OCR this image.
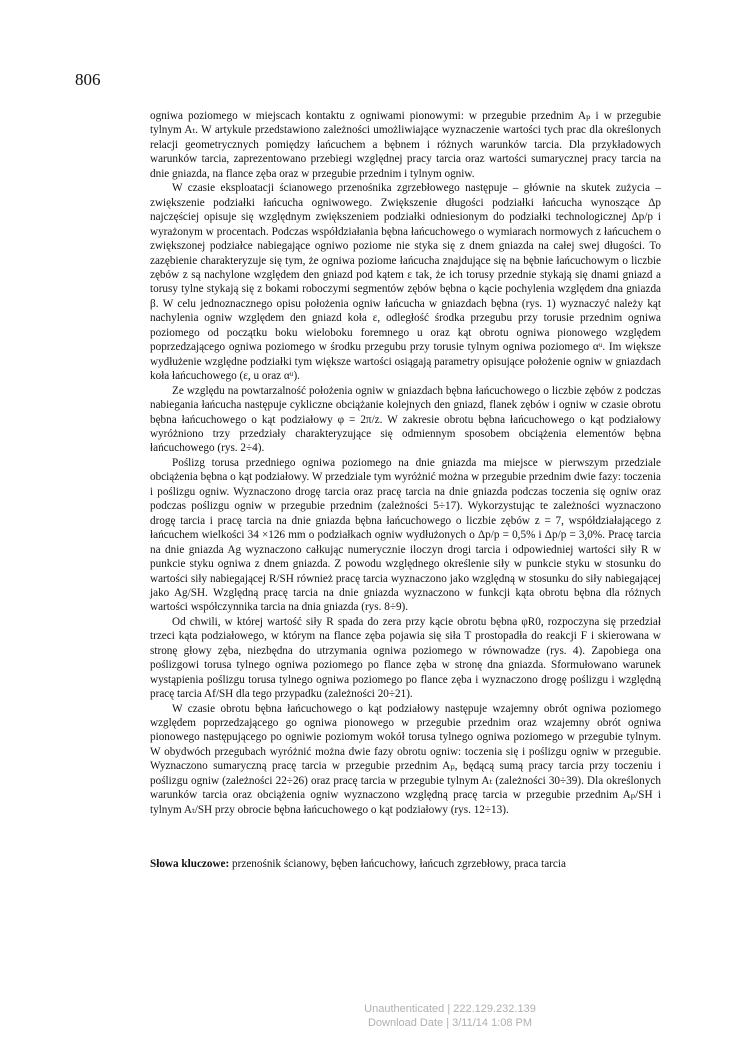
806

ogniwa poziomego w miejscach kontaktu z ogniwami pionowymi: w przegubie przednim Aₚ i w przegubie tylnym Aₜ. W artykule przedstawiono zależności umożliwiające wyznaczenie wartości tych prac dla określonych relacji geometrycznych pomiędzy łańcuchem a bębnem i różnych warunków tarcia. Dla przykładowych warunków tarcia, zaprezentowano przebiegi względnej pracy tarcia oraz wartości sumarycznej pracy tarcia na dnie gniazda, na flance zęba oraz w przegubie przednim i tylnym ogniw.

W czasie eksploatacji ścianowego przenośnika zgrzebłowego następuje – głównie na skutek zużycia – zwiększenie podziałki łańcucha ogniwowego. Zwiększenie długości podziałki łańcucha wynoszące Δp najczęściej opisuje się względnym zwiększeniem podziałki odniesionym do podziałki technologicznej Δp/p i wyrażonym w procentach. Podczas współdziałania bębna łańcuchowego o wymiarach normowych z łańcuchem o zwiększonej podziałce nabiegające ogniwo poziome nie styka się z dnem gniazda na całej swej długości. To zazębienie charakteryzuje się tym, że ogniwa poziome łańcucha znajdujące się na bębnie łańcuchowym o liczbie zębów z są nachylone względem den gniazd pod kątem ε tak, że ich torusy przednie stykają się dnami gniazd a torusy tylne stykają się z bokami roboczymi segmentów zębów bębna o kącie pochylenia względem dna gniazda β. W celu jednoznacznego opisu położenia ogniw łańcucha w gniazdach bębna (rys. 1) wyznaczyć należy kąt nachylenia ogniw względem den gniazd koła ε, odległość środka przegubu przy torusie przednim ogniwa poziomego od początku boku wieloboku foremnego u oraz kąt obrotu ogniwa pionowego względem poprzedzającego ogniwa poziomego w środku przegubu przy torusie tylnym ogniwa poziomego αᵘ. Im większe wydłużenie względne podziałki tym większe wartości osiągają parametry opisujące położenie ogniw w gniazdach koła łańcuchowego (ε, u oraz αᵘ).

Ze względu na powtarzalność położenia ogniw w gniazdach bębna łańcuchowego o liczbie zębów z podczas nabiegania łańcucha następuje cykliczne obciążanie kolejnych den gniazd, flanek zębów i ogniw w czasie obrotu bębna łańcuchowego o kąt podziałowy φ = 2π/z. W zakresie obrotu bębna łańcuchowego o kąt podziałowy wyróżniono trzy przedziały charakteryzujące się odmiennym sposobem obciążenia elementów bębna łańcuchowego (rys. 2÷4).

Poślizg torusa przedniego ogniwa poziomego na dnie gniazda ma miejsce w pierwszym przedziale obciążenia bębna o kąt podziałowy. W przedziale tym wyróżnić można w przegubie przednim dwie fazy: toczenia i poślizgu ogniw. Wyznaczono drogę tarcia oraz pracę tarcia na dnie gniazda podczas toczenia się ogniw oraz podczas poślizgu ogniw w przegubie przednim (zależności 5÷17). Wykorzystując te zależności wyznaczono drogę tarcia i pracę tarcia na dnie gniazda bębna łańcuchowego o liczbie zębów z = 7, współdziałającego z łańcuchem wielkości 34 ×126 mm o podziałkach ogniw wydłużonych o Δp/p = 0,5% i Δp/p = 3,0%. Pracę tarcia na dnie gniazda Ag wyznaczono całkując numerycznie iloczyn drogi tarcia i odpowiedniej wartości siły R w punkcie styku ogniwa z dnem gniazda. Z powodu względnego określenie siły w punkcie styku w stosunku do wartości siły nabiegającej R/SH również pracę tarcia wyznaczono jako względną w stosunku do siły nabiegającej jako Ag/SH. Względną pracę tarcia na dnie gniazda wyznaczono w funkcji kąta obrotu bębna dla różnych wartości współczynnika tarcia na dnia gniazda (rys. 8÷9).

Od chwili, w której wartość siły R spada do zera przy kącie obrotu bębna φR0, rozpoczyna się przedział trzeci kąta podziałowego, w którym na flance zęba pojawia się siła T prostopadła do reakcji F i skierowana w stronę głowy zęba, niezbędna do utrzymania ogniwa poziomego w równowadze (rys. 4). Zapobiega ona poślizgowi torusa tylnego ogniwa poziomego po flance zęba w stronę dna gniazda. Sformułowano warunek wystąpienia poślizgu torusa tylnego ogniwa poziomego po flance zęba i wyznaczono drogę poślizgu i względną pracę tarcia Af/SH dla tego przypadku (zależności 20÷21).

W czasie obrotu bębna łańcuchowego o kąt podziałowy następuje wzajemny obrót ogniwa poziomego względem poprzedzającego go ogniwa pionowego w przegubie przednim oraz wzajemny obrót ogniwa pionowego następującego po ogniwie poziomym wokół torusa tylnego ogniwa poziomego w przegubie tylnym. W obydwóch przegubach wyróżnić można dwie fazy obrotu ogniw: toczenia się i poślizgu ogniw w przegubie. Wyznaczono sumaryczną pracę tarcia w przegubie przednim Aₚ, będącą sumą pracy tarcia przy toczeniu i poślizgu ogniw (zależności 22÷26) oraz pracę tarcia w przegubie tylnym Aₜ (zależności 30÷39). Dla określonych warunków tarcia oraz obciążenia ogniw wyznaczono względną pracę tarcia w przegubie przednim Aₚ/SH i tylnym Aₜ/SH przy obrocie bębna łańcuchowego o kąt podziałowy (rys. 12÷13).

Słowa kluczowe: przenośnik ścianowy, bęben łańcuchowy, łańcuch zgrzebłowy, praca tarcia
Unauthenticated | 222.129.232.139
Download Date | 3/11/14 1:08 PM
